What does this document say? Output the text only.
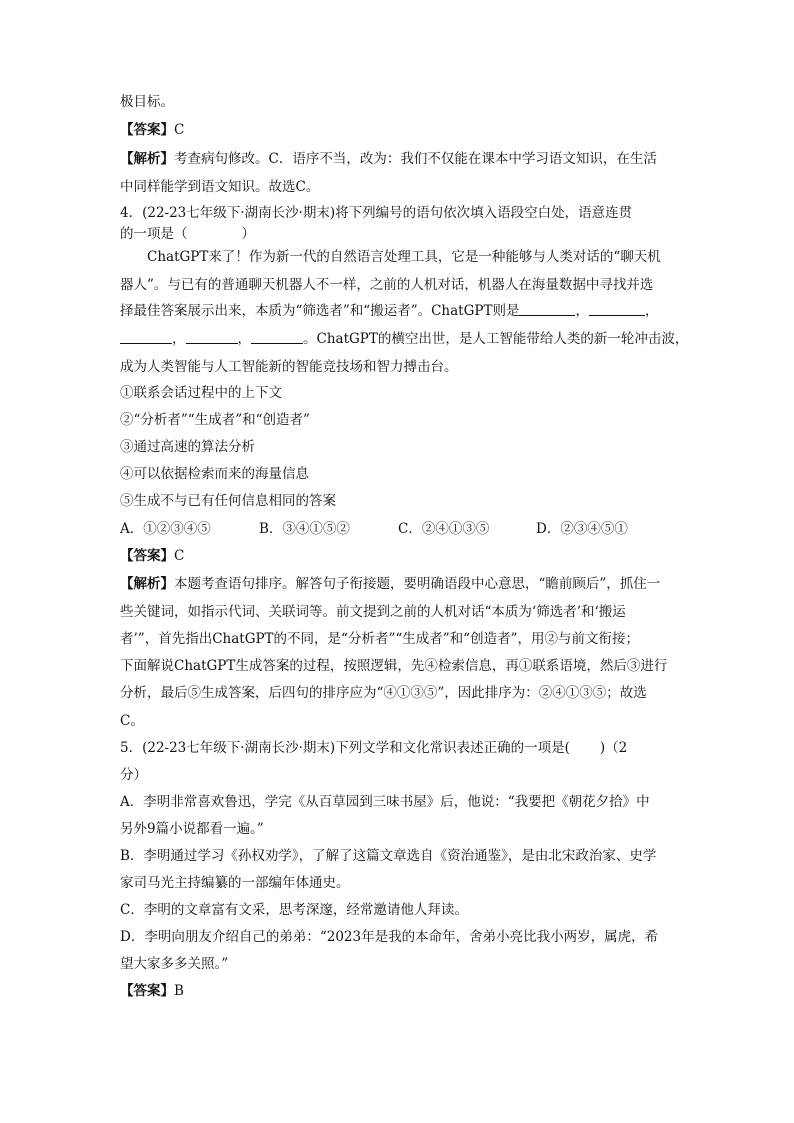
极目标。
【答案】C
【解析】考查病句修改。C．语序不当，改为：我们不仅能在课本中学习语文知识，在生活
中同样能学到语文知识。故选C。
4．(22-23七年级下·湖南长沙·期末)将下列编号的语句依次填入语段空白处，语意连贯
的一项是（	）
ChatGPT来了！作为新一代的自然语言处理工具，它是一种能够与人类对话的“聊天机
器人”。与已有的普通聊天机器人不一样，之前的人机对话，机器人在海量数据中寻找并选
择最佳答案展示出来，本质为“筛选者”和“搬运者”。ChatGPT则是	，	，
，	，	。ChatGPT的横空出世，是人工智能带给人类的新一轮冲击波，
成为人类智能与人工智能新的智能竞技场和智力搏击台。
①联系会话过程中的上下文
②“分析者”“生成者”和“创造者”
③通过高速的算法分析
④可以依据检索而来的海量信息
⑤生成不与已有任何信息相同的答案
A．①②③④⑤	B．③④①⑤②	C．②④①③⑤	D．②③④⑤①
【答案】C
【解析】本题考查语句排序。解答句子衔接题，要明确语段中心意思，“瞻前顾后”，抓住一
些关键词，如指示代词、关联词等。前文提到之前的人机对话“本质为‘筛选者’和‘搬运
者’”，首先指出ChatGPT的不同，是“分析者”“生成者”和“创造者”，用②与前文衔接；
下面解说ChatGPT生成答案的过程，按照逻辑，先④检索信息，再①联系语境，然后③进行
分析，最后⑤生成答案，后四句的排序应为“④①③⑤”，因此排序为：②④①③⑤；故选
C。
5．(22-23七年级下·湖南长沙·期末)下列文学和文化常识表述正确的一项是( )（2
分）
A．李明非常喜欢鲁迅，学完《从百草园到三味书屋》后，他说：“我要把《朝花夕拾》中
另外9篇小说都看一遍。”
B．李明通过学习《孙权劝学》，了解了这篇文章选自《资治通鉴》，是由北宋政治家、史学
家司马光主持编纂的一部编年体通史。
C．李明的文章富有文采，思考深邃，经常邀请他人拜读。
D．李明向朋友介绍自己的弟弟：“2023年是我的本命年，舍弟小亮比我小两岁，属虎，希
望大家多多关照。”
【答案】B
